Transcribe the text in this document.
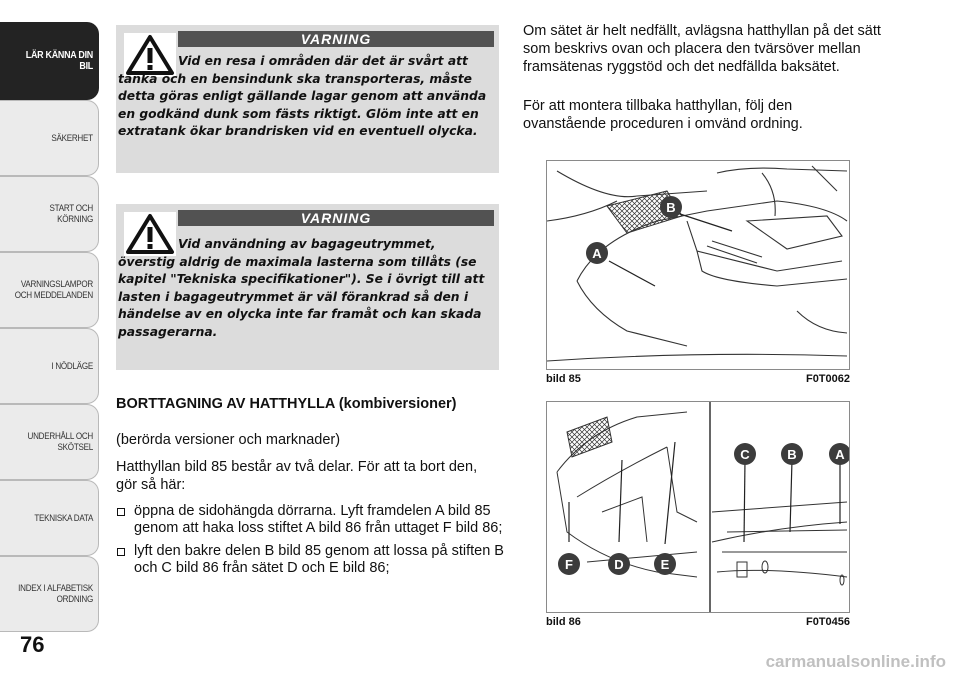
LÄR KÄNNA DIN BIL
SÄKERHET
START OCH KÖRNING
VARNINGSLAMPOR OCH MEDDELANDEN
I NÖDLÄGE
UNDERHÅLL OCH SKÖTSEL
TEKNISKA DATA
INDEX I ALFABETISK ORDNING
76
VARNING

Vid en resa i områden där det är svårt att tanka och en bensindunk ska transporteras, måste detta göras enligt gällande lagar genom att använda en godkänd dunk som fästs riktigt. Glöm inte att en extratank ökar brandrisken vid en eventuell olycka.

VARNING

Vid användning av bagageutrymmet, överstig aldrig de maximala lasterna som tillåts (se kapitel "Tekniska specifikationer"). Se i övrigt till att lasten i bagageutrymmet är väl förankrad så den i händelse av en olycka inte far framåt och kan skada passagerarna.

BORTTAGNING AV HATTHYLLA (kombiversioner)

(berörda versioner och marknader)

Hatthyllan bild 85 består av två delar. För att ta bort den, gör så här:

öppna de sidohängda dörrarna. Lyft framdelen A bild 85 genom att haka loss stiftet A bild 86 från uttaget F bild 86;
lyft den bakre delen B bild 85 genom att lossa på stiften B och C bild 86 från sätet D och E bild 86;

Om sätet är helt nedfällt, avlägsna hatthyllan på det sätt som beskrivs ovan och placera den tvärsöver mellan framsätenas ryggstöd och det nedfällda baksätet.

För att montera tillbaka hatthyllan, följ den ovanstående proceduren i omvänd ordning.

A
B
bild 85	F0T0062
A
B
C
D	E
F
bild 86	F0T0456
carmanualsonline.info
